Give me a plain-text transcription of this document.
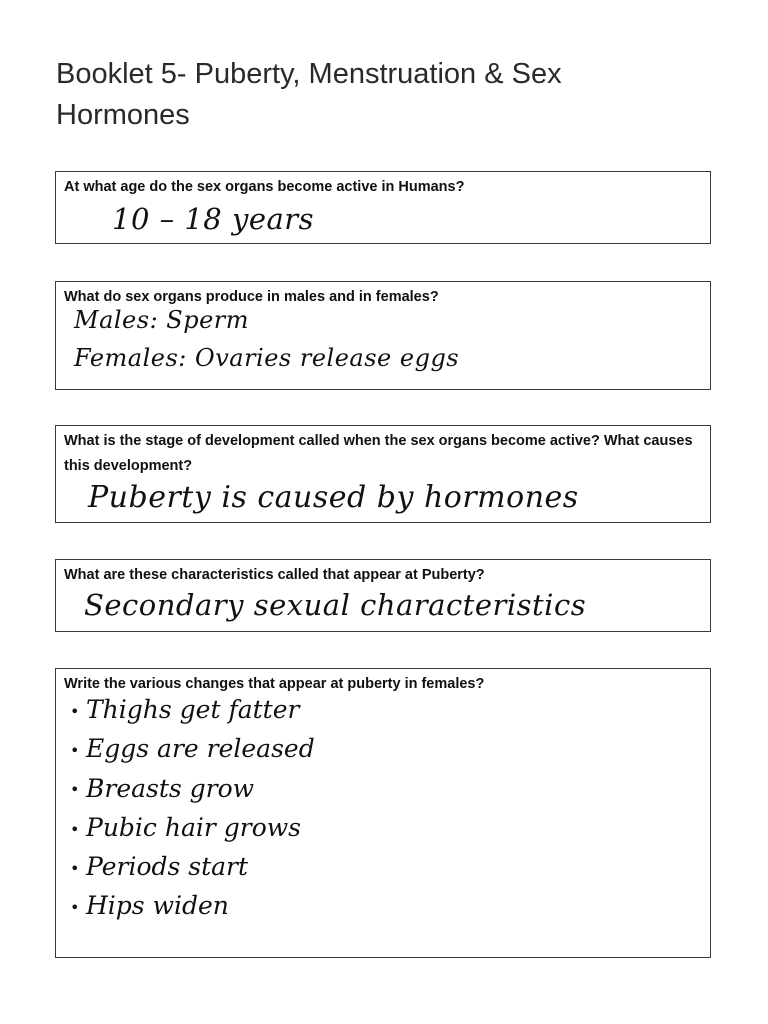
Booklet 5- Puberty, Menstruation & Sex Hormones

At what age do the sex organs become active in Humans?

10 – 18 years

What do sex organs produce in males and in females?

Males: Sperm
Females: Ovaries release eggs

What is the stage of development called when the sex organs become active? What causes this development?

Puberty is caused by hormones

What are these characteristics called that appear at Puberty?

Secondary sexual characteristics

Write the various changes that appear at puberty in females?

• Thighs get fatter
• Eggs are released
• Breasts grow
• Pubic hair grows
• Periods start
• Hips widen
